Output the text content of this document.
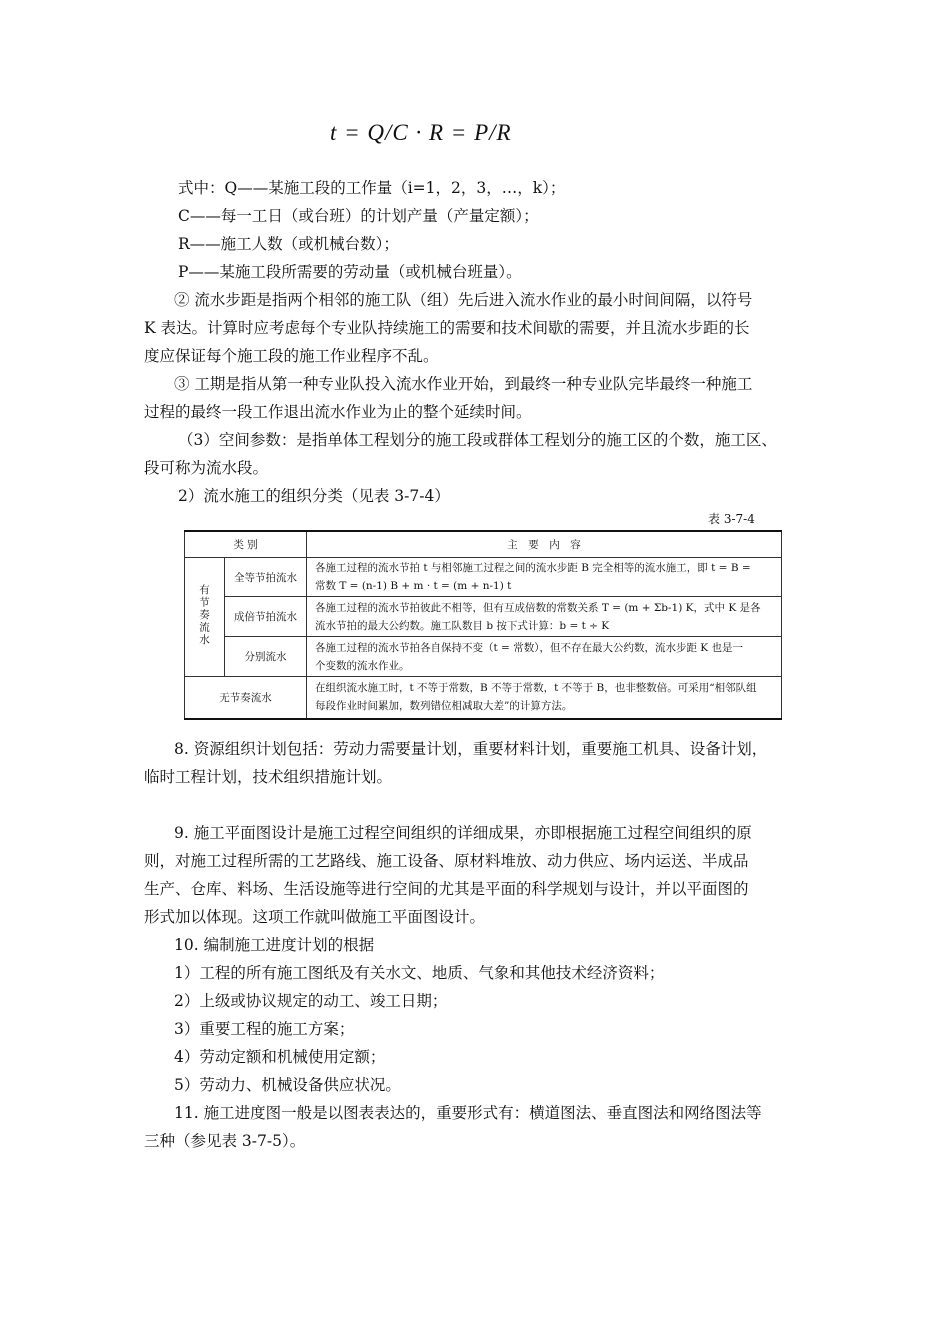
t = Q/C · R = P/R
式中：Q——某施工段的工作量（i=1，2，3，…，k）；
C——每一工日（或台班）的计划产量（产量定额）；
R——施工人数（或机械台数）；
P——某施工段所需要的劳动量（或机械台班量）。
② 流水步距是指两个相邻的施工队（组）先后进入流水作业的最小时间间隔，以符号
K 表达。计算时应考虑每个专业队持续施工的需要和技术间歇的需要，并且流水步距的长
度应保证每个施工段的施工作业程序不乱。
③ 工期是指从第一种专业队投入流水作业开始，到最终一种专业队完毕最终一种施工
过程的最终一段工作退出流水作业为止的整个延续时间。
（3）空间参数：是指单体工程划分的施工段或群体工程划分的施工区的个数，施工区、
段可称为流水段。
2）流水施工的组织分类（见表 3-7-4）
表 3-7-4
类 别		主　要　内　容
有节奏流水	全等节拍流水	各施工过程的流水节拍 t 与相邻施工过程之间的流水步距 B 完全相等的流水施工，即 t = B =
常数 T = (n-1) B + m · t = (m + n-1) t

	成倍节拍流水	各施工过程的流水节拍彼此不相等，但有互成倍数的常数关系 T = (m + Σb-1) K，式中 K 是各
流水节拍的最大公约数。施工队数目 b 按下式计算：b = t ÷ K

	分别流水	各施工过程的流水节拍各自保持不变（t = 常数），但不存在最大公约数，流水步距 K 也是一
个变数的流水作业。

无节奏流水		在组织流水施工时，t 不等于常数，B 不等于常数，t 不等于 B，也非整数倍。可采用“相邻队组
每段作业时间累加，数列错位相减取大差”的计算方法。
8. 资源组织计划包括：劳动力需要量计划，重要材料计划，重要施工机具、设备计划，
临时工程计划，技术组织措施计划。
9. 施工平面图设计是施工过程空间组织的详细成果，亦即根据施工过程空间组织的原
则，对施工过程所需的工艺路线、施工设备、原材料堆放、动力供应、场内运送、半成品
生产、仓库、料场、生活设施等进行空间的尤其是平面的科学规划与设计，并以平面图的
形式加以体现。这项工作就叫做施工平面图设计。
10. 编制施工进度计划的根据
1）工程的所有施工图纸及有关水文、地质、气象和其他技术经济资料；
2）上级或协议规定的动工、竣工日期；
3）重要工程的施工方案；
4）劳动定额和机械使用定额；
5）劳动力、机械设备供应状况。
11. 施工进度图一般是以图表表达的，重要形式有：横道图法、垂直图法和网络图法等
三种（参见表 3-7-5）。
